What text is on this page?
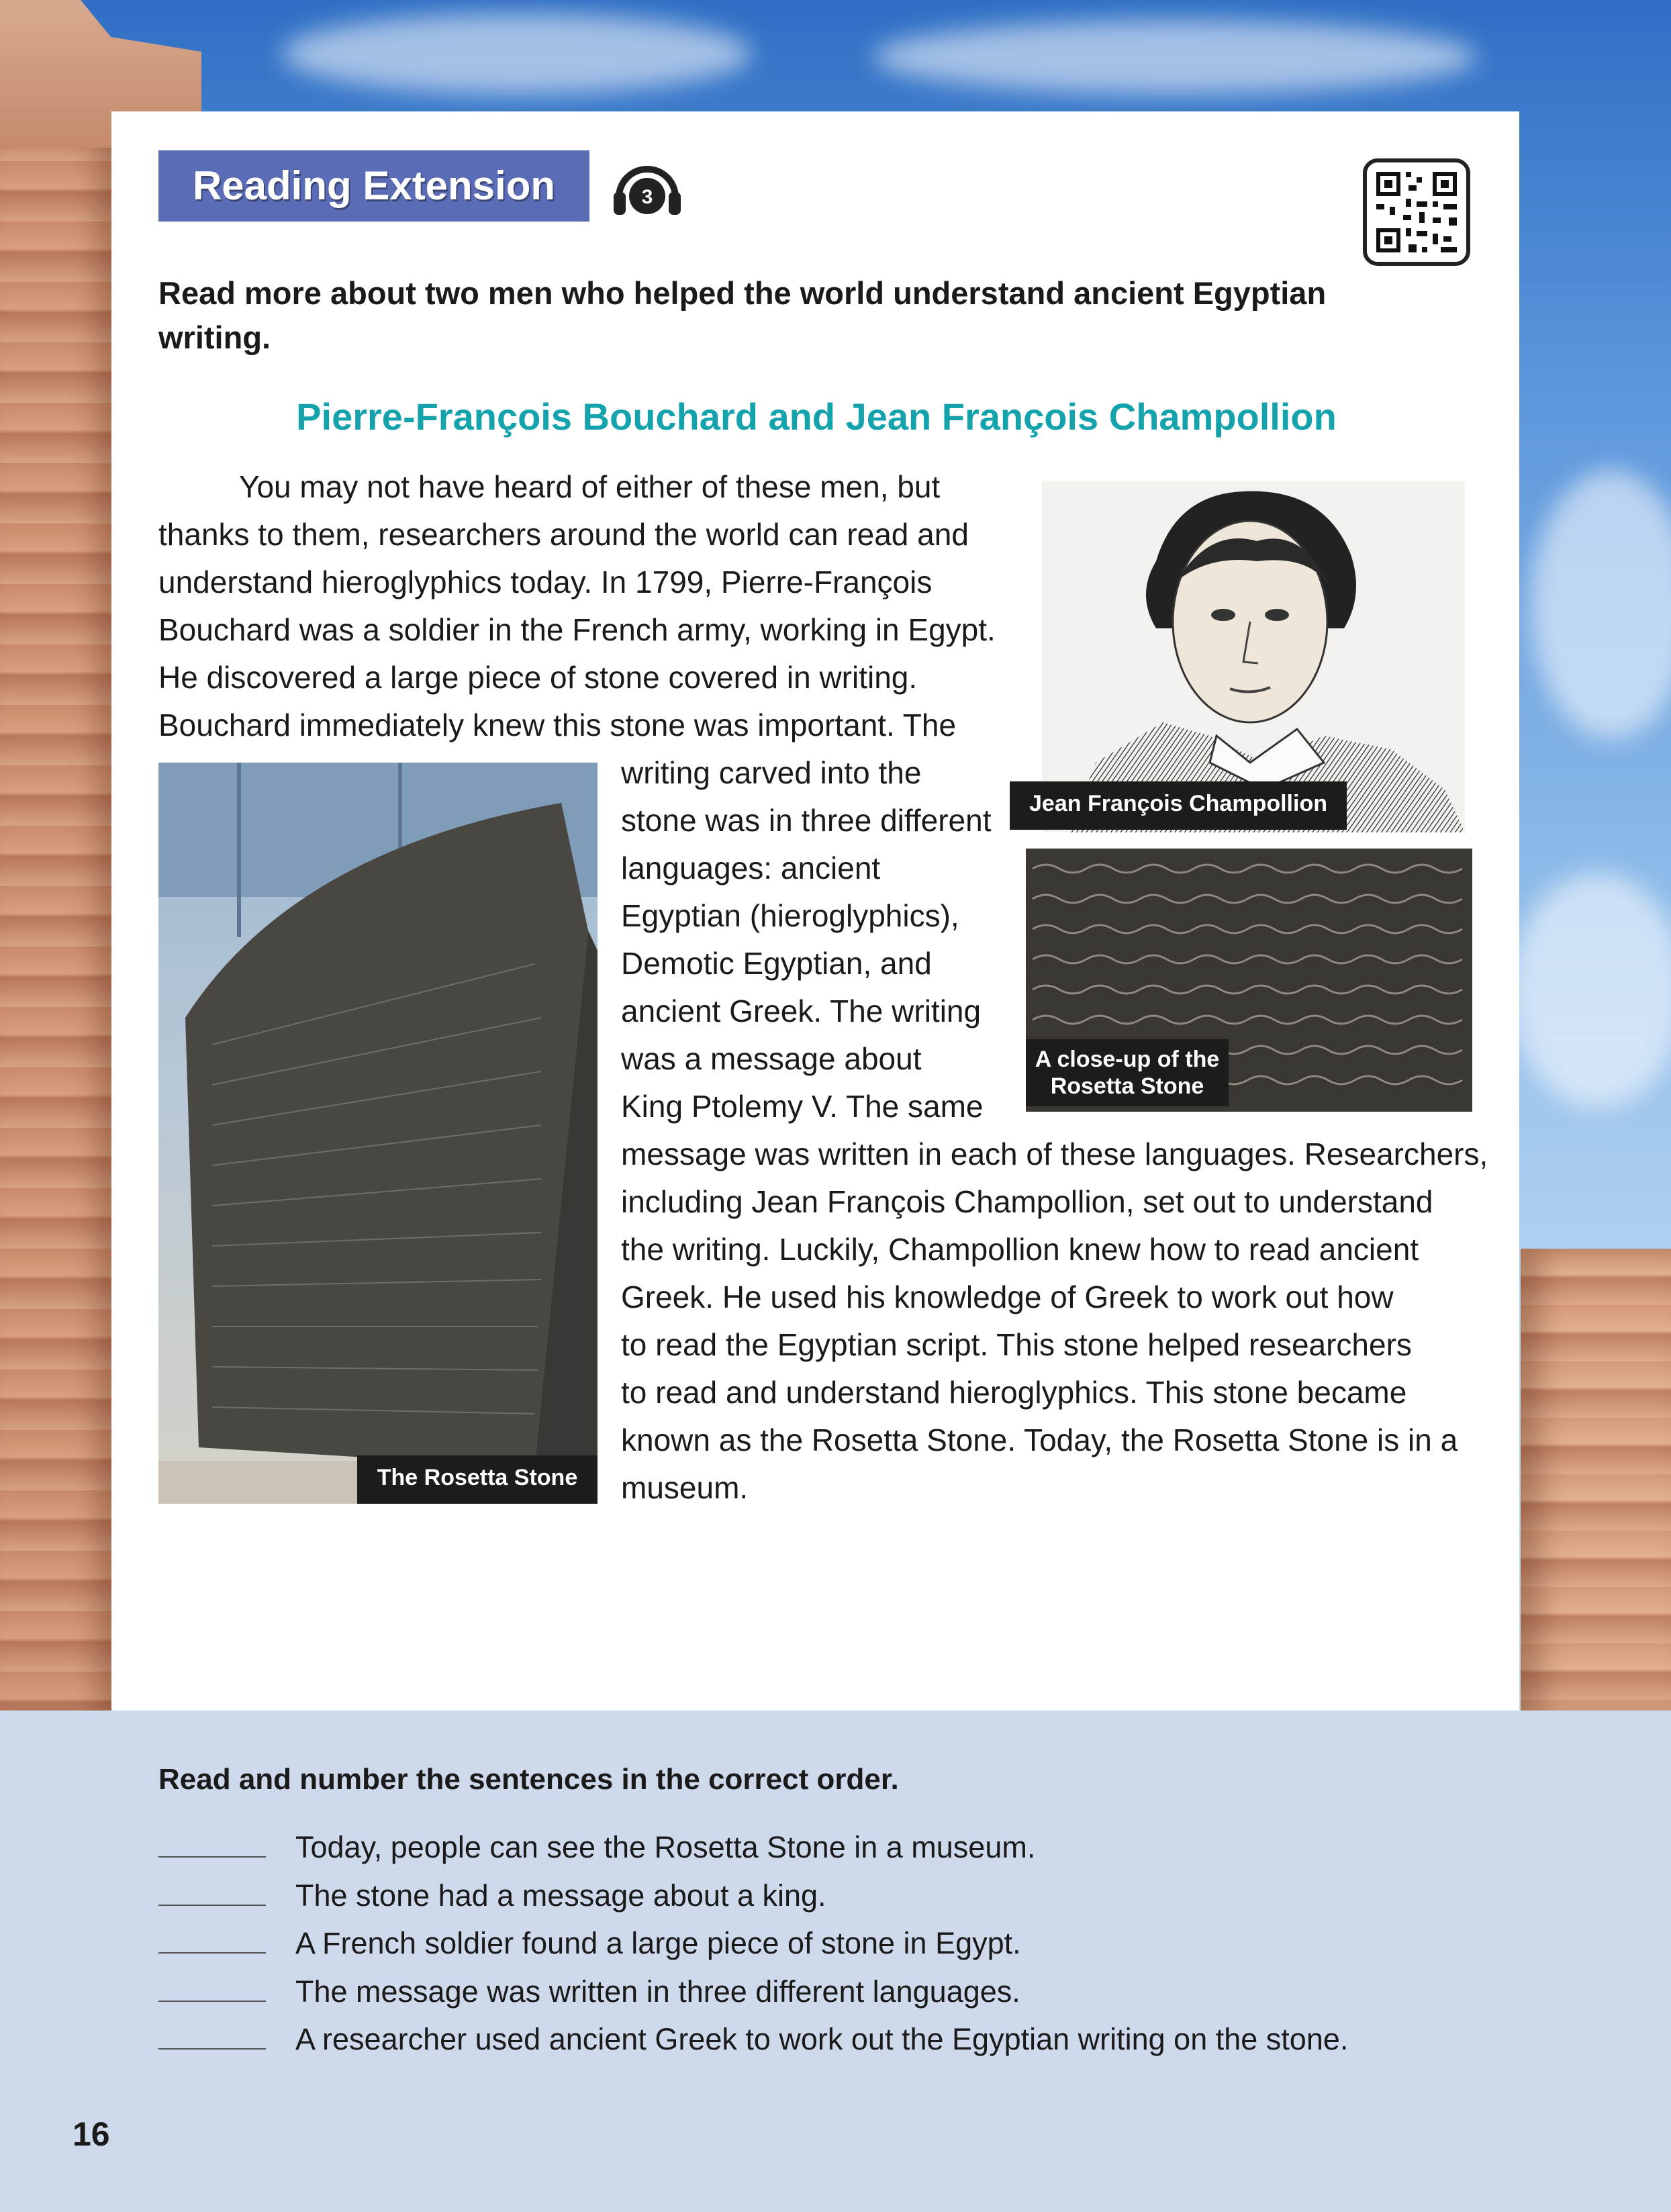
Reading Extension	3
Read more about two men who helped the world understand ancient Egyptian writing.
Pierre-François Bouchard and Jean François Champollion
You may not have heard of either of these men, but
thanks to them, researchers around the world can read and
understand hieroglyphics today. In 1799, Pierre-François
Bouchard was a soldier in the French army, working in Egypt.
He discovered a large piece of stone covered in writing.
Bouchard immediately knew this stone was important. The
writing carved into the
stone was in three different
languages: ancient
Egyptian (hieroglyphics),
Demotic Egyptian, and
ancient Greek. The writing
was a message about
King Ptolemy V. The same
message was written in each of these languages. Researchers,
including Jean François Champollion, set out to understand
the writing. Luckily, Champollion knew how to read ancient
Greek. He used his knowledge of Greek to work out how
to read the Egyptian script. This stone helped researchers
to read and understand hieroglyphics. This stone became
known as the Rosetta Stone. Today, the Rosetta Stone is in a
museum.
Jean François Champollion
A close-up of the
Rosetta Stone
The Rosetta Stone
Read and number the sentences in the correct order.
Today, people can see the Rosetta Stone in a museum.
The stone had a message about a king.
A French soldier found a large piece of stone in Egypt.
The message was written in three different languages.
A researcher used ancient Greek to work out the Egyptian writing on the stone.
16
